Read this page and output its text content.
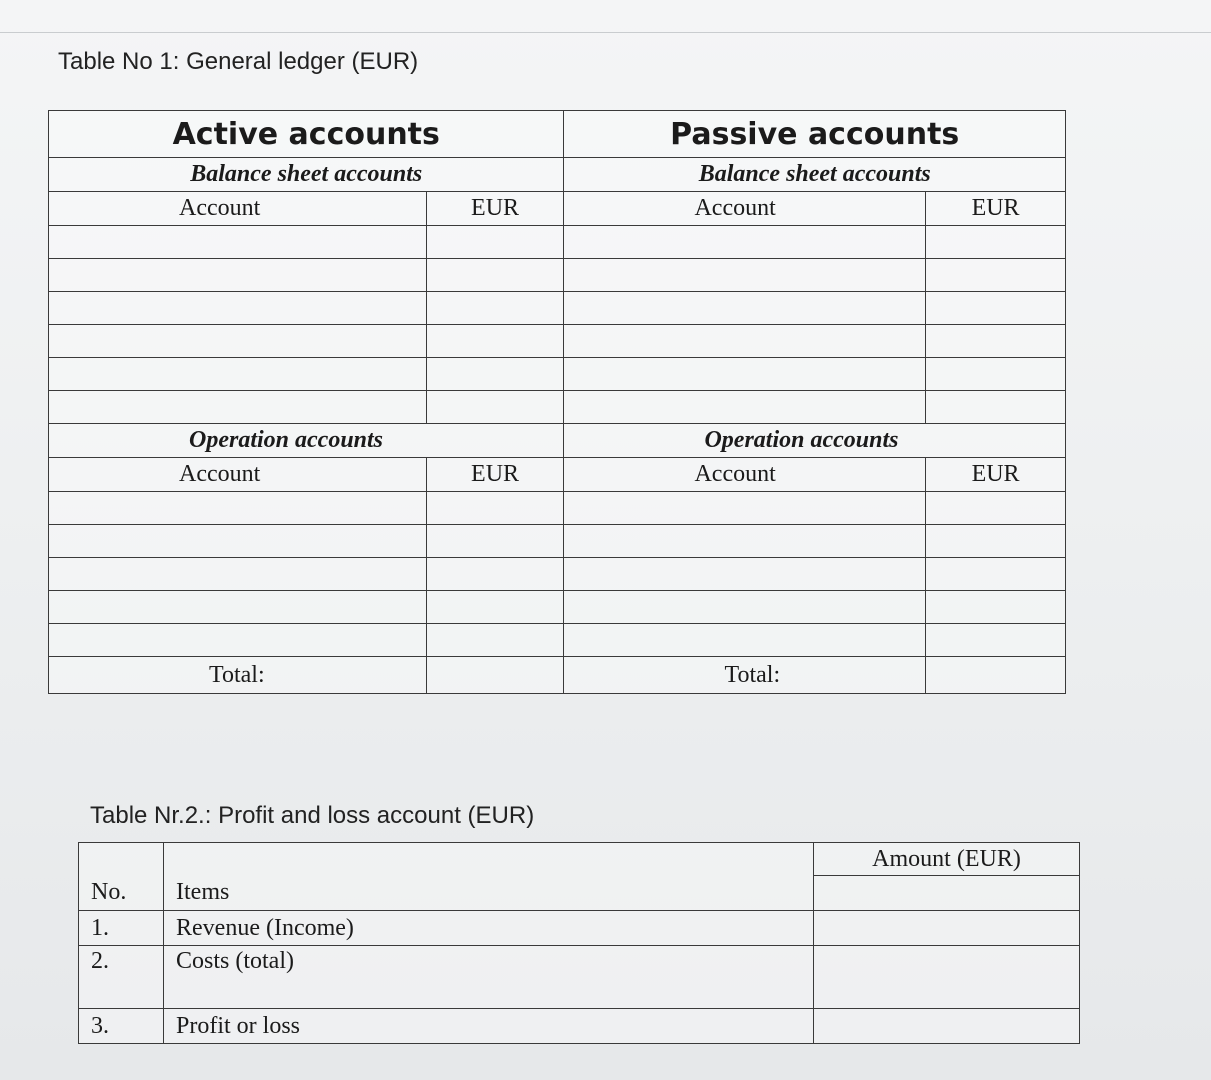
Table No 1: General ledger (EUR)
Active accounts		Passive accounts	
Balance sheet accounts		Balance sheet accounts	
Account	EUR	Account	EUR

Operation accounts		Operation accounts	
Account	EUR	Account	EUR

Total:		Total:	
Table Nr.2.: Profit and loss account (EUR)
		Amount (EUR)
No.	Items	
1.	Revenue (Income)	
2.	Costs (total)	
3.	Profit or loss	
